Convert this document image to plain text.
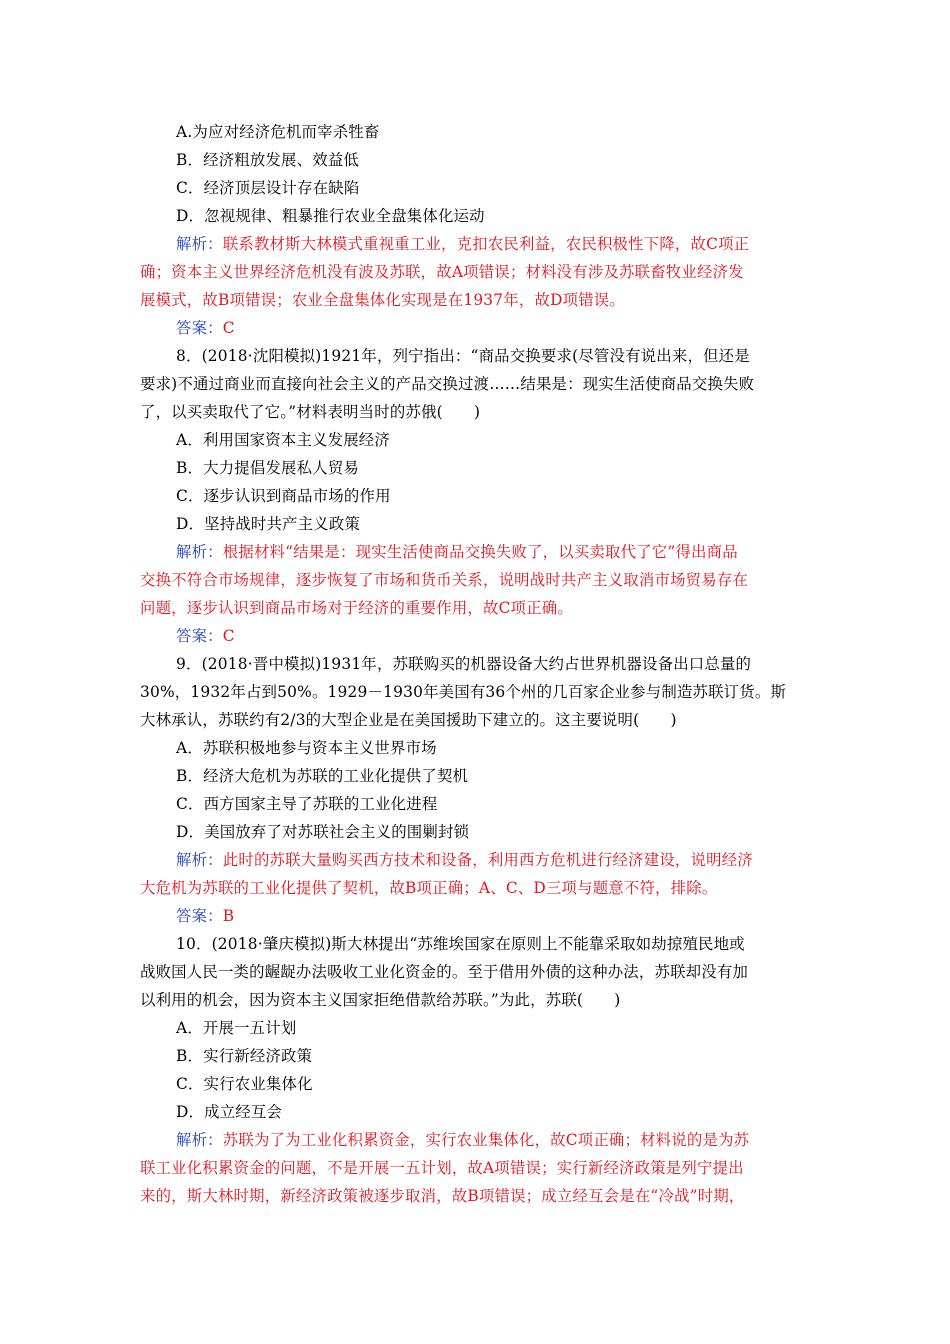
A.为应对经济危机而宰杀牲畜
B．经济粗放发展、效益低
C．经济顶层设计存在缺陷
D．忽视规律、粗暴推行农业全盘集体化运动
解析：联系教材斯大林模式重视重工业，克扣农民利益，农民积极性下降，故C项正
确；资本主义世界经济危机没有波及苏联，故A项错误；材料没有涉及苏联畜牧业经济发
展模式，故B项错误；农业全盘集体化实现是在1937年，故D项错误。
答案：C
8．(2018·沈阳模拟)1921年，列宁指出：“商品交换要求(尽管没有说出来，但还是
要求)不通过商业而直接向社会主义的产品交换过渡……结果是：现实生活使商品交换失败
了，以买卖取代了它。”材料表明当时的苏俄(　　)
A．利用国家资本主义发展经济
B．大力提倡发展私人贸易
C．逐步认识到商品市场的作用
D．坚持战时共产主义政策
解析：根据材料“结果是：现实生活使商品交换失败了，以买卖取代了它”得出商品
交换不符合市场规律，逐步恢复了市场和货币关系，说明战时共产主义取消市场贸易存在
问题，逐步认识到商品市场对于经济的重要作用，故C项正确。
答案：C
9．(2018·晋中模拟)1931年，苏联购买的机器设备大约占世界机器设备出口总量的
30%，1932年占到50%。1929－1930年美国有36个州的几百家企业参与制造苏联订货。斯
大林承认，苏联约有2/3的大型企业是在美国援助下建立的。这主要说明(　　)
A．苏联积极地参与资本主义世界市场
B．经济大危机为苏联的工业化提供了契机
C．西方国家主导了苏联的工业化进程
D．美国放弃了对苏联社会主义的围剿封锁
解析：此时的苏联大量购买西方技术和设备，利用西方危机进行经济建设，说明经济
大危机为苏联的工业化提供了契机，故B项正确；A、C、D三项与题意不符，排除。
答案：B
10．(2018·肇庆模拟)斯大林提出“苏维埃国家在原则上不能靠采取如劫掠殖民地或
战败国人民一类的龌龊办法吸收工业化资金的。至于借用外债的这种办法，苏联却没有加
以利用的机会，因为资本主义国家拒绝借款给苏联。”为此，苏联(　　)
A．开展一五计划
B．实行新经济政策
C．实行农业集体化
D．成立经互会
解析：苏联为了为工业化积累资金，实行农业集体化，故C项正确；材料说的是为苏
联工业化积累资金的问题，不是开展一五计划，故A项错误；实行新经济政策是列宁提出
来的，斯大林时期，新经济政策被逐步取消，故B项错误；成立经互会是在“冷战”时期，
